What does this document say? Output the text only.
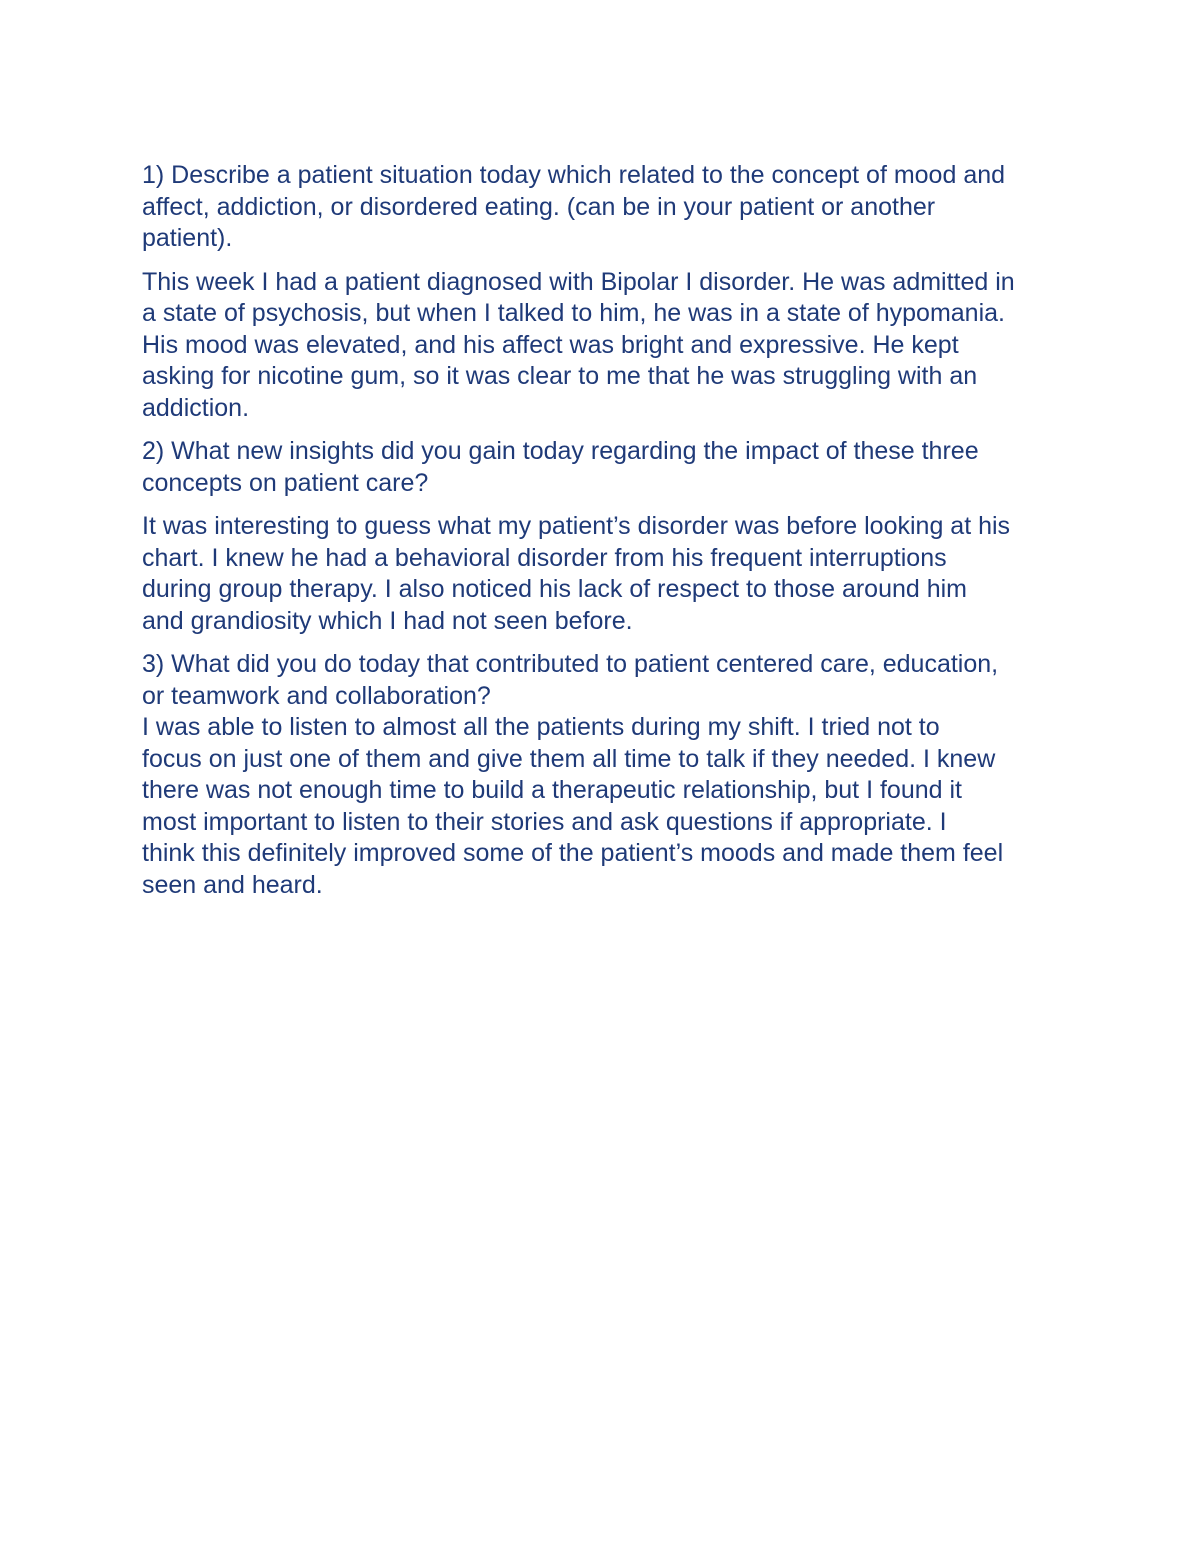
1) Describe a patient situation today which related to the concept of mood and
affect, addiction, or disordered eating. (can be in your patient or another
patient).

This week I had a patient diagnosed with Bipolar I disorder. He was admitted in
a state of psychosis, but when I talked to him, he was in a state of hypomania.
His mood was elevated, and his affect was bright and expressive. He kept
asking for nicotine gum, so it was clear to me that he was struggling with an
addiction.

2) What new insights did you gain today regarding the impact of these three
concepts on patient care?

It was interesting to guess what my patient’s disorder was before looking at his
chart. I knew he had a behavioral disorder from his frequent interruptions
during group therapy. I also noticed his lack of respect to those around him
and grandiosity which I had not seen before.

3) What did you do today that contributed to patient centered care, education,
or teamwork and collaboration?

I was able to listen to almost all the patients during my shift. I tried not to
focus on just one of them and give them all time to talk if they needed. I knew
there was not enough time to build a therapeutic relationship, but I found it
most important to listen to their stories and ask questions if appropriate. I
think this definitely improved some of the patient’s moods and made them feel
seen and heard.
